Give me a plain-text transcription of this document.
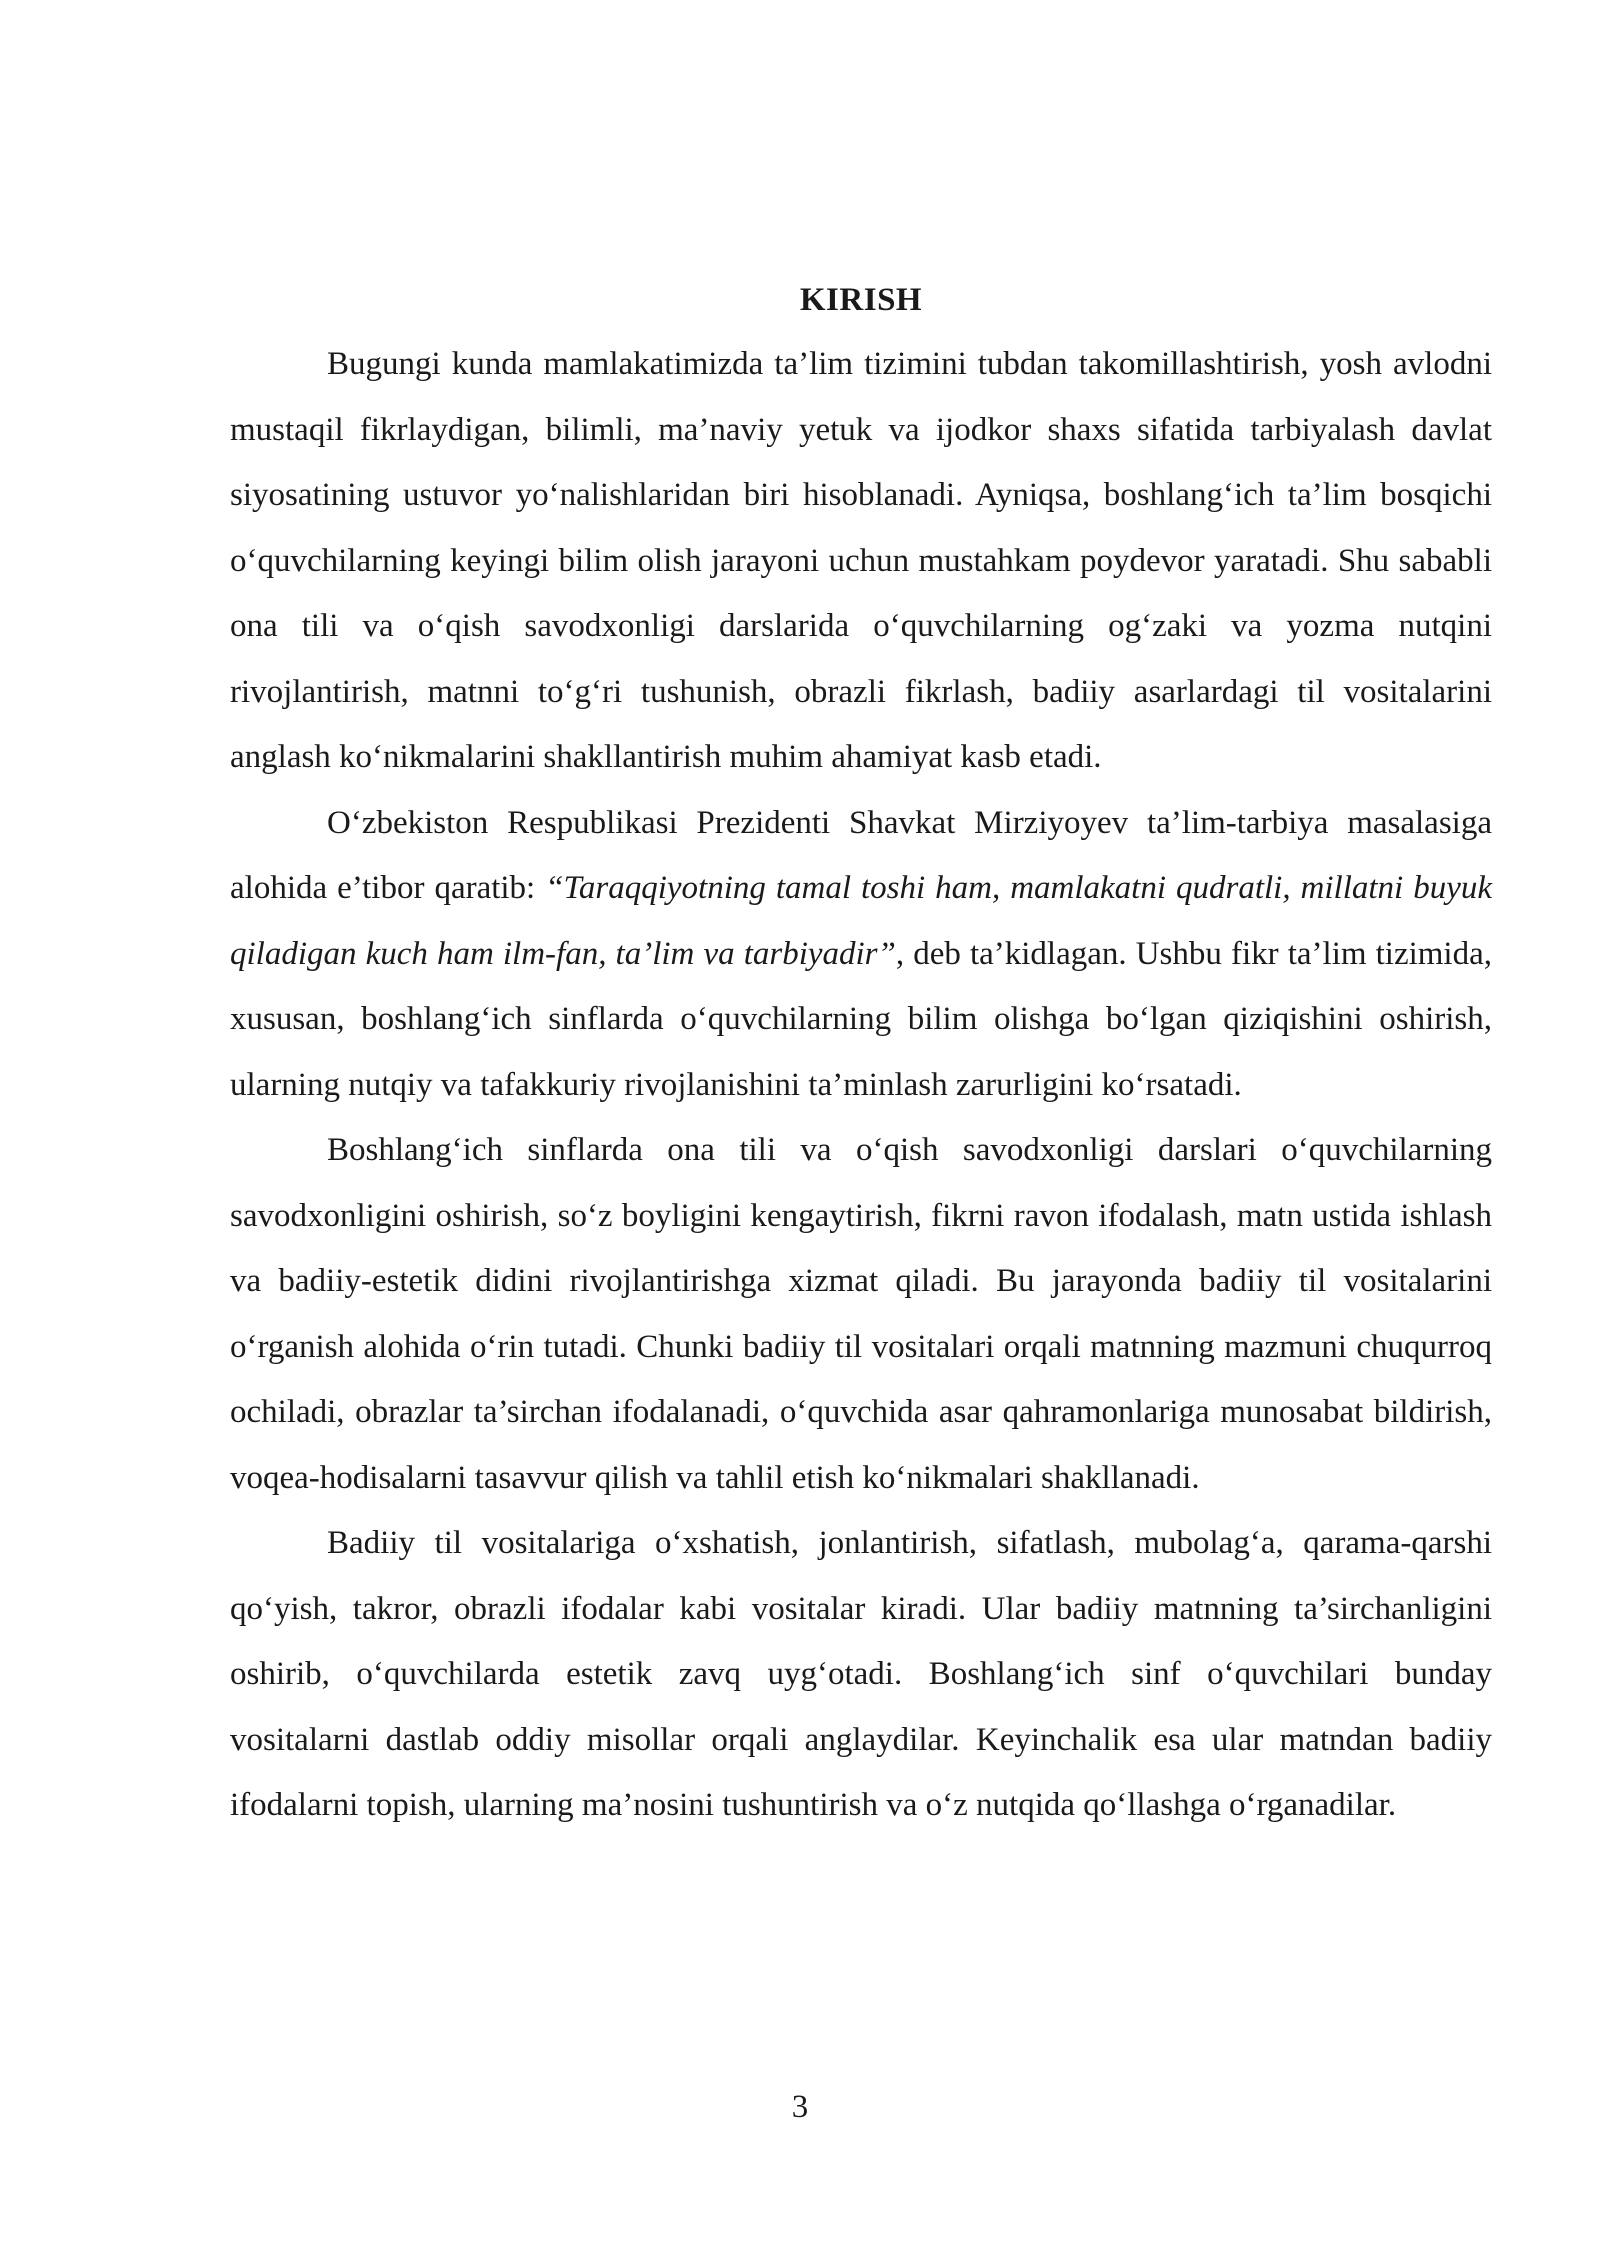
KIRISH

Bugungi kunda mamlakatimizda ta’lim tizimini tubdan takomillashtirish, yosh avlodni mustaqil fikrlaydigan, bilimli, ma’naviy yetuk va ijodkor shaxs sifatida tarbiyalash davlat siyosatining ustuvor yo‘nalishlaridan biri hisoblanadi. Ayniqsa, boshlang‘ich ta’lim bosqichi o‘quvchilarning keyingi bilim olish jarayoni uchun mustahkam poydevor yaratadi. Shu sababli ona tili va o‘qish savodxonligi darslarida o‘quvchilarning og‘zaki va yozma nutqini rivojlantirish, matnni to‘g‘ri tushunish, obrazli fikrlash, badiiy asarlardagi til vositalarini anglash ko‘nikmalarini shakllantirish muhim ahamiyat kasb etadi.

O‘zbekiston Respublikasi Prezidenti Shavkat Mirziyoyev ta’lim-tarbiya masalasiga alohida e’tibor qaratib: “Taraqqiyotning tamal toshi ham, mamlakatni qudratli, millatni buyuk qiladigan kuch ham ilm-fan, ta’lim va tarbiyadir”, deb ta’kidlagan. Ushbu fikr ta’lim tizimida, xususan, boshlang‘ich sinflarda o‘quvchilarning bilim olishga bo‘lgan qiziqishini oshirish, ularning nutqiy va tafakkuriy rivojlanishini ta’minlash zarurligini ko‘rsatadi.

Boshlang‘ich sinflarda ona tili va o‘qish savodxonligi darslari o‘quvchilarning savodxonligini oshirish, so‘z boyligini kengaytirish, fikrni ravon ifodalash, matn ustida ishlash va badiiy-estetik didini rivojlantirishga xizmat qiladi. Bu jarayonda badiiy til vositalarini o‘rganish alohida o‘rin tutadi. Chunki badiiy til vositalari orqali matnning mazmuni chuqurroq ochiladi, obrazlar ta’sirchan ifodalanadi, o‘quvchida asar qahramonlariga munosabat bildirish, voqea-hodisalarni tasavvur qilish va tahlil etish ko‘nikmalari shakllanadi.

Badiiy til vositalariga o‘xshatish, jonlantirish, sifatlash, mubolag‘a, qarama-qarshi qo‘yish, takror, obrazli ifodalar kabi vositalar kiradi. Ular badiiy matnning ta’sirchanligini oshirib, o‘quvchilarda estetik zavq uyg‘otadi. Boshlang‘ich sinf o‘quvchilari bunday vositalarni dastlab oddiy misollar orqali anglaydilar. Keyinchalik esa ular matndan badiiy ifodalarni topish, ularning ma’nosini tushuntirish va o‘z nutqida qo‘llashga o‘rganadilar.

3
